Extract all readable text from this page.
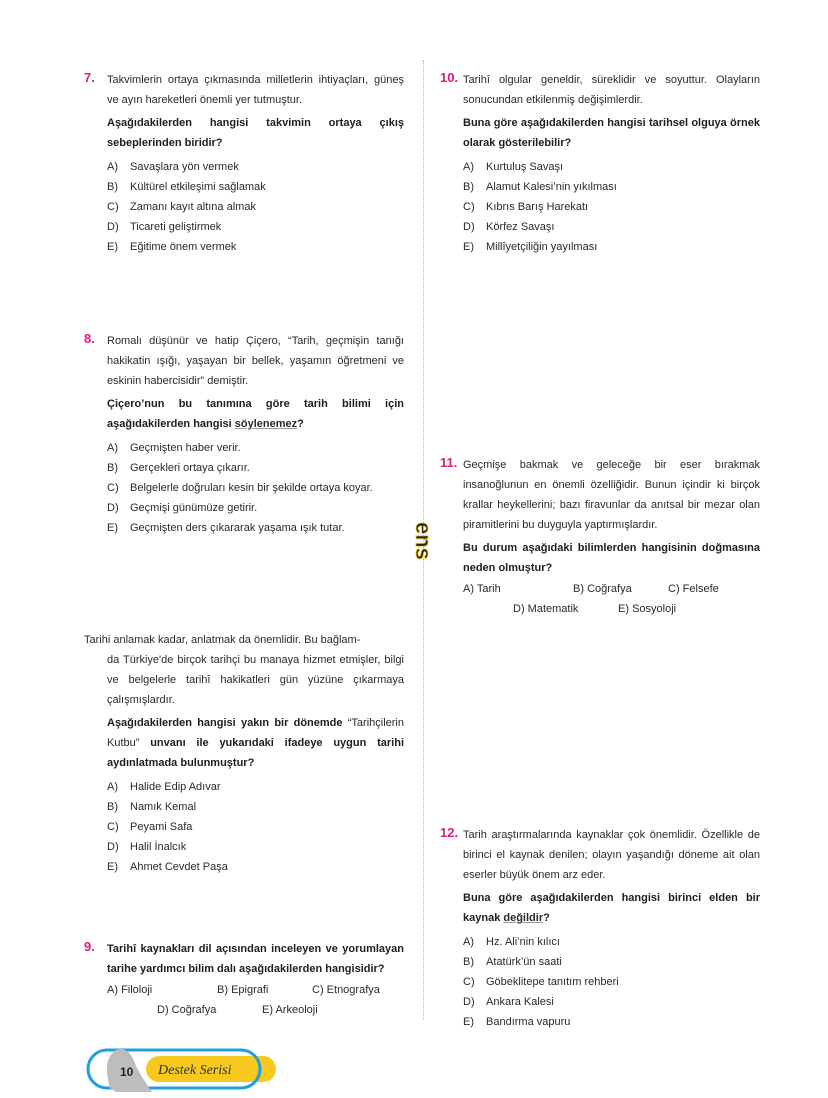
ens
7. Takvimlerin ortaya çıkmasında milletlerin ihtiyaçları, güneş ve ayın hareketleri önemli yer tutmuştur.
Aşağıdakilerden hangisi takvimin ortaya çıkış sebeplerinden biridir?
A) Savaşlara yön vermek
B) Kültürel etkileşimi sağlamak
C) Zamanı kayıt altına almak
D) Ticareti geliştirmek
E) Eğitime önem vermek
8. Romalı düşünür ve hatip Çiçero, “Tarih, geçmişin tanığı hakikatin ışığı, yaşayan bir bellek, yaşamın öğretmeni ve eskinin habercisidir” demiştir.
Çiçero’nun bu tanımına göre tarih bilimi için aşağıdakilerden hangisi söylenemez?
A) Geçmişten haber verir.
B) Gerçekleri ortaya çıkarır.
C) Belgelerle doğruları kesin bir şekilde ortaya koyar.
D) Geçmişi günümüze getirir.
E) Geçmişten ders çıkararak yaşama ışık tutar.
Tarihi anlamak kadar, anlatmak da önemlidir. Bu bağlam-
da Türkiye'de birçok tarihçi bu manaya hizmet etmişler, bilgi ve belgelerle tarihî hakikatleri gün yüzüne çıkarmaya çalışmışlardır.
Aşağıdakilerden hangisi yakın bir dönemde “Tarihçilerin Kutbu” unvanı ile yukarıdaki ifadeye uygun tarihi aydınlatmada bulunmuştur?
A) Halide Edip Adıvar
B) Namık Kemal
C) Peyami Safa
D) Halil İnalcık
E) Ahmet Cevdet Paşa
9. Tarihî kaynakları dil açısından inceleyen ve yorumlayan tarihe yardımcı bilim dalı aşağıdakilerden hangisidir?
A) Filoloji	B) Epigrafi	C) Etnografya
D) Coğrafya	E) Arkeoloji
10. Tarihî olgular geneldir, süreklidir ve soyuttur. Olayların sonucundan etkilenmiş değişimlerdir.
Buna göre aşağıdakilerden hangisi tarihsel olguya örnek olarak gösterilebilir?
A) Kurtuluş Savaşı
B) Alamut Kalesi’nin yıkılması
C) Kıbrıs Barış Harekatı
D) Körfez Savaşı
E) Millîyetçiliğin yayılması
11. Geçmişe bakmak ve geleceğe bir eser bırakmak insanoğlunun en önemli özelliğidir. Bunun içindir ki birçok krallar heykellerini; bazı firavunlar da anıtsal bir mezar olan piramitlerini bu duyguyla yaptırmışlardır.
Bu durum aşağıdaki bilimlerden hangisinin doğmasına neden olmuştur?
A) Tarih	B) Coğrafya	C) Felsefe
D) Matematik	E) Sosyoloji
12. Tarih araştırmalarında kaynaklar çok önemlidir. Özellikle de birinci el kaynak denilen; olayın yaşandığı döneme ait olan eserler büyük önem arz eder.
Buna göre aşağıdakilerden hangisi birinci elden bir kaynak değildir?
A) Hz. Ali’nin kılıcı
B) Atatürk’ün saati
C) Göbeklitepe tanıtım rehberi
D) Ankara Kalesi
E) Bandırma vapuru
10 Destek Serisi
